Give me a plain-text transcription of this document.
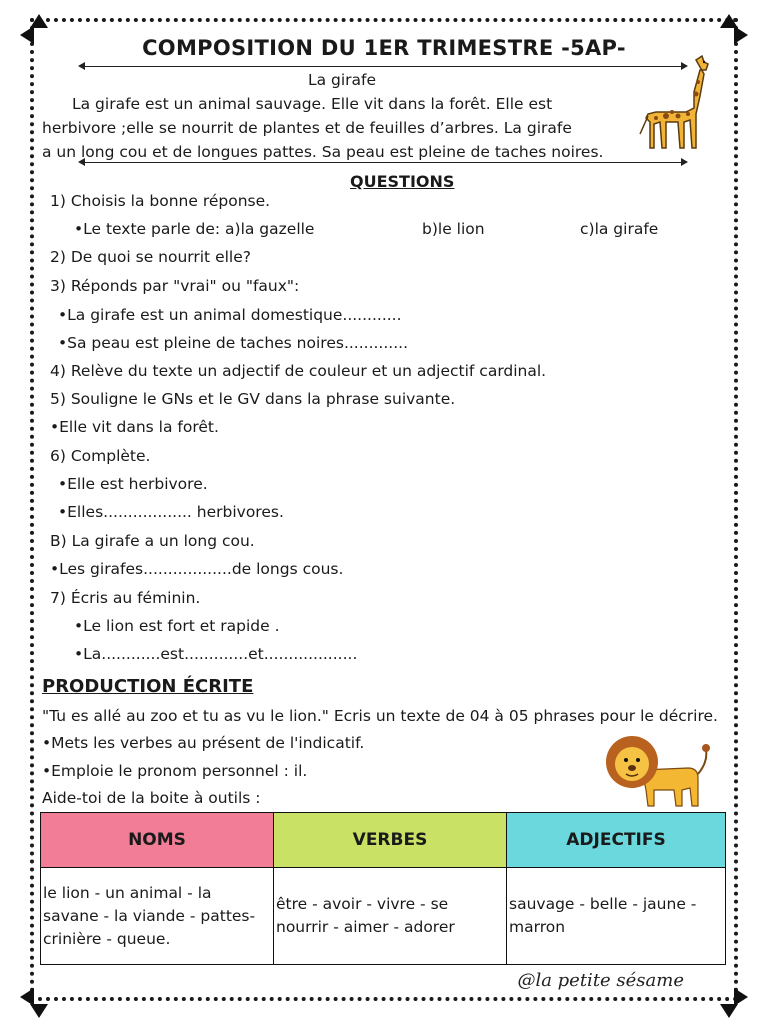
COMPOSITION DU 1ER TRIMESTRE -5AP-
La girafe
La girafe est un animal sauvage. Elle vit dans la forêt. Elle est
herbivore ;elle se nourrit de plantes et de feuilles d’arbres. La girafe
a un long cou et de longues pattes. Sa peau est pleine de taches noires.
QUESTIONS
1) Choisis la bonne réponse.
•Le texte parle de: a)la gazelle	b)le lion	c)la girafe
2) De quoi se nourrit elle?
3) Réponds par "vrai" ou "faux":
•La girafe est un animal domestique............
•Sa peau est pleine de taches noires.............
4) Relève du texte un adjectif de couleur et un adjectif cardinal.
5) Souligne le GNs et le GV dans la phrase suivante.
•Elle vit dans la forêt.
6) Complète.
•Elle est herbivore.
•Elles.................. herbivores.
B) La girafe a un long cou.
•Les girafes..................de longs cous.
7) Écris au féminin.
•Le lion est fort et rapide .
•La............est.............et...................
PRODUCTION ÉCRITE
"Tu es allé au zoo et tu as vu le lion." Ecris un texte de 04 à 05 phrases pour le décrire.
•Mets les verbes au présent de l'indicatif.
•Emploie le pronom personnel : il.
Aide-toi de la boite à outils :
NOMS	VERBES	ADJECTIFS
le lion - un animal - la savane - la viande - pattes-crinière - queue.	être - avoir - vivre - se nourrir - aimer - adorer	sauvage - belle - jaune - marron
@la petite sésame
